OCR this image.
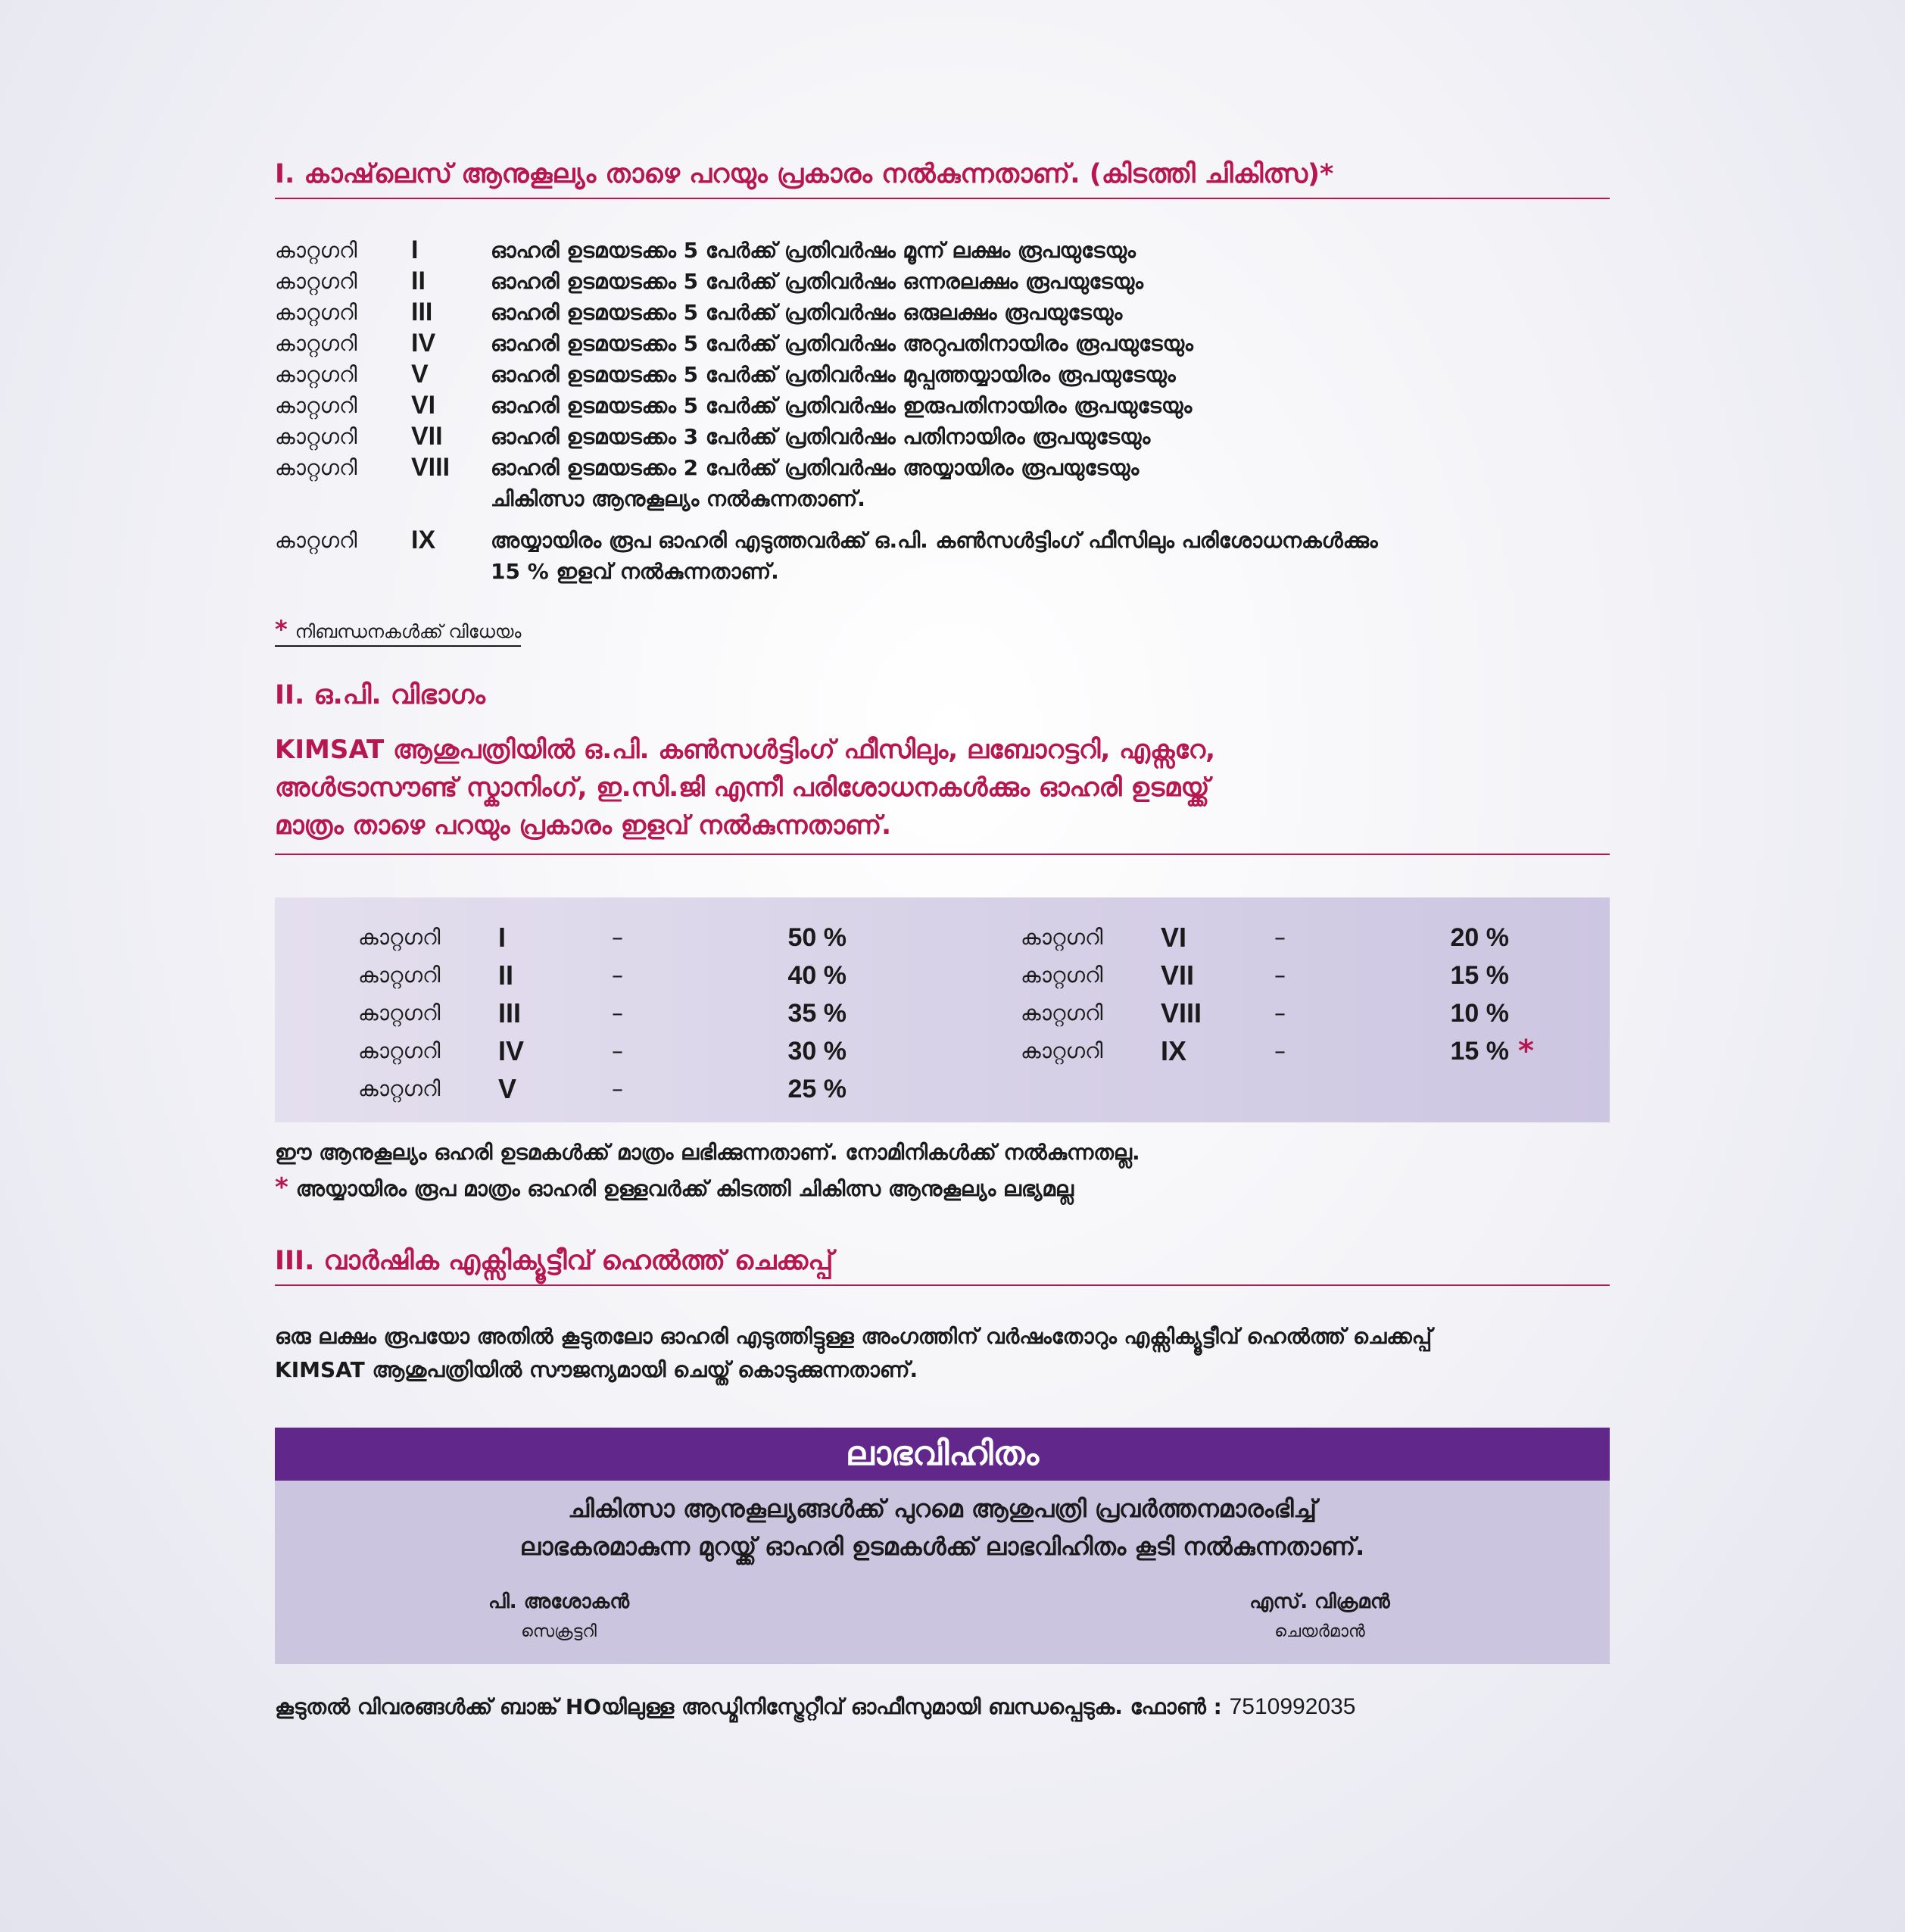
I. കാഷ്‌ലെസ് ആനുകൂല്യം താഴെ പറയും പ്രകാരം നൽകുന്നതാണ്. (കിടത്തി ചികിത്സ)*
കാറ്റഗറി	I	ഓഹരി ഉടമയടക്കം 5 പേർക്ക് പ്രതിവർഷം മൂന്ന് ലക്ഷം രൂപയുടേയും
കാറ്റഗറി	II	ഓഹരി ഉടമയടക്കം 5 പേർക്ക് പ്രതിവർഷം ഒന്നരലക്ഷം രൂപയുടേയും
കാറ്റഗറി	III	ഓഹരി ഉടമയടക്കം 5 പേർക്ക് പ്രതിവർഷം ഒരുലക്ഷം രൂപയുടേയും
കാറ്റഗറി	IV	ഓഹരി ഉടമയടക്കം 5 പേർക്ക് പ്രതിവർഷം അറുപതിനായിരം രൂപയുടേയും
കാറ്റഗറി	V	ഓഹരി ഉടമയടക്കം 5 പേർക്ക് പ്രതിവർഷം മുപ്പത്തയ്യായിരം രൂപയുടേയും
കാറ്റഗറി	VI	ഓഹരി ഉടമയടക്കം 5 പേർക്ക് പ്രതിവർഷം ഇരുപതിനായിരം രൂപയുടേയും
കാറ്റഗറി	VII	ഓഹരി ഉടമയടക്കം 3 പേർക്ക് പ്രതിവർഷം പതിനായിരം രൂപയുടേയും
കാറ്റഗറി	VIII	ഓഹരി ഉടമയടക്കം 2 പേർക്ക് പ്രതിവർഷം അയ്യായിരം രൂപയുടേയും
ചികിത്സാ ആനുകൂല്യം നൽകുന്നതാണ്.
കാറ്റഗറി	IX	അയ്യായിരം രൂപ ഓഹരി എടുത്തവർക്ക് ഒ.പി. കൺസൾട്ടിംഗ് ഫീസിലും പരിശോധനകൾക്കും
15 % ഇളവ് നൽകുന്നതാണ്.
* നിബന്ധനകൾക്ക് വിധേയം
II. ഒ.പി. വിഭാഗം
KIMSAT ആശുപത്രിയിൽ ഒ.പി. കൺസൾട്ടിംഗ് ഫീസിലും, ലബോറട്ടറി, എക്സറേ,
അൾട്രാസൗണ്ട് സ്കാനിംഗ്, ഇ.സി.ജി എന്നീ പരിശോധനകൾക്കും ഓഹരി ഉടമയ്ക്ക്
മാത്രം താഴെ പറയും പ്രകാരം ഇളവ് നൽകുന്നതാണ്.
കാറ്റഗറി	I	–	50 %
കാറ്റഗറി	II	–	40 %
കാറ്റഗറി	III	–	35 %
കാറ്റഗറി	IV	–	30 %
കാറ്റഗറി	V	–	25 %
കാറ്റഗറി	VI	–	20 %
കാറ്റഗറി	VII	–	15 %
കാറ്റഗറി	VIII	–	10 %
കാറ്റഗറി	IX	–	15 % *
ഈ ആനുകൂല്യം ഒഹരി ഉടമകൾക്ക് മാത്രം ലഭിക്കുന്നതാണ്. നോമിനികൾക്ക് നൽകുന്നതല്ല.
* അയ്യായിരം രൂപ മാത്രം ഓഹരി ഉള്ളവർക്ക് കിടത്തി ചികിത്സ ആനുകൂല്യം ലഭ്യമല്ല
III. വാർഷിക എക്സിക്യൂട്ടീവ് ഹെൽത്ത് ചെക്കപ്പ്
ഒരു ലക്ഷം രൂപയോ അതിൽ കൂടുതലോ ഓഹരി എടുത്തിട്ടുള്ള അംഗത്തിന് വർഷംതോറും എക്സിക്യൂട്ടീവ് ഹെൽത്ത് ചെക്കപ്പ്
KIMSAT ആശുപത്രിയിൽ സൗജന്യമായി ചെയ്ത് കൊടുക്കുന്നതാണ്.
ലാഭവിഹിതം
ചികിത്സാ ആനുകൂല്യങ്ങൾക്ക് പുറമെ ആശുപത്രി പ്രവർത്തനമാരംഭിച്ച്
ലാഭകരമാകുന്ന മുറയ്ക്ക് ഓഹരി ഉടമകൾക്ക് ലാഭവിഹിതം കൂടി നൽകുന്നതാണ്.
പി. അശോകൻ
സെക്രട്ടറി
എസ്. വിക്രമൻ
ചെയർമാൻ
കൂടുതൽ വിവരങ്ങൾക്ക് ബാങ്ക് HOയിലുള്ള അഡ്മിനിസ്ട്രേറ്റീവ് ഓഫീസുമായി ബന്ധപ്പെടുക. ഫോൺ : 7510992035
